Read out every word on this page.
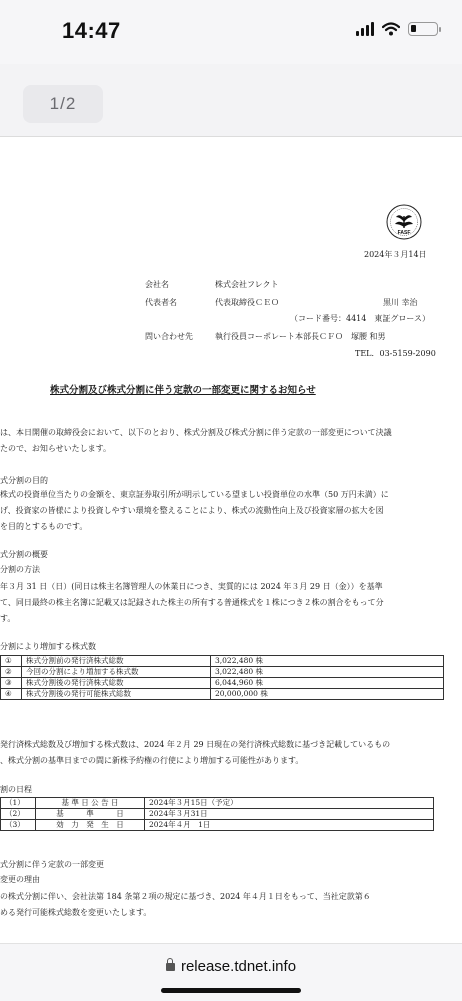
14:47
1/2
FASF
2024年３月14日
会社名	株式会社フレクト
代表者名	代表取締役ＣＥＯ	黒川 幸治
（コード番号：4414　東証グロース）
問い合わせ先	執行役員コーポレート本部長ＣＦＯ　塚腰 和男
TEL．03-5159-2090
株式分割及び株式分割に伴う定款の一部変更に関するお知らせ
は、本日開催の取締役会において、以下のとおり、株式分割及び株式分割に伴う定款の一部変更について決議
たので、お知らせいたします。
式分割の目的
株式の投資単位当たりの金額を、東京証券取引所が明示している望ましい投資単位の水準（50 万円未満）に
げ、投資家の皆様により投資しやすい環境を整えることにより、株式の流動性向上及び投資家層の拡大を図
を目的とするものです。
式分割の概要
分割の方法
年３月 31 日（日）(同日は株主名簿管理人の休業日につき、実質的には 2024 年３月 29 日（金））を基準
て、同日最終の株主名簿に記載又は記録された株主の所有する普通株式を１株につき２株の割合をもって分
す。
分割により増加する株式数
①	株式分割前の発行済株式総数	3,022,480 株
②	今回の分割により増加する株式数	3,022,480 株
③	株式分割後の発行済株式総数	6,044,960 株
④	株式分割後の発行可能株式総数	20,000,000 株
発行済株式総数及び増加する株式数は、2024 年２月 29 日現在の発行済株式総数に基づき記載しているもの
、株式分割の基準日までの間に新株予約権の行使により増加する可能性があります。
割の日程
（1）	基 準 日 公 告 日	2024年３月15日（予定）
（2）	基　　　準　　　日	2024年３月31日
（3）	効　力　発　生　日	2024年４月　1日
式分割に伴う定款の一部変更
変更の理由
の株式分割に伴い、会社法第 184 条第２項の規定に基づき、2024 年４月１日をもって、当社定款第６
める発行可能株式総数を変更いたします。
release.tdnet.info
